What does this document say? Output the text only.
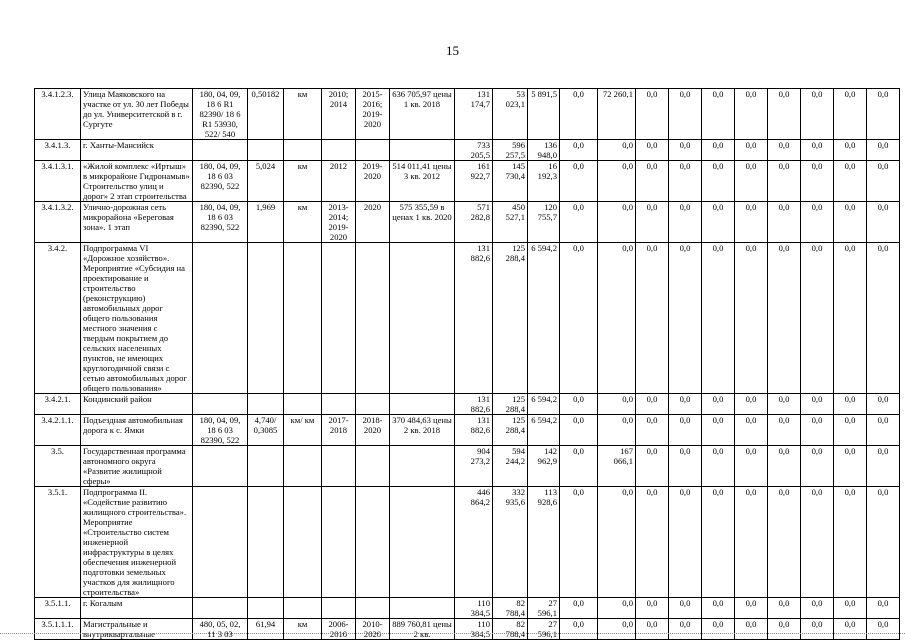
15
3.4.1.2.3.	Улица Маяковского на участке от ул. 30 лет Победы до ул. Университетской в г. Сургуте	180, 04, 09, 18 6 R1 82390/ 18 6 R1 53930, 522/ 540	0,50182	км	2010; 2014	2015-2016; 2019-2020	636 705,97 цены 1 кв. 2018	131 174,7	53 023,1	5 891,5	0,0	72 260,1	0,0	0,0	0,0	0,0	0,0	0,0	0,0	0,0
3.4.1.3.	г. Ханты-Мансийск							733 205,5	596 257,5	136 948,0	0,0	0,0	0,0	0,0	0,0	0,0	0,0	0,0	0,0	0,0
3.4.1.3.1.	«Жилой комплекс «Иртыш» в микрорайоне Гидронамыв» Строительство улиц и дорог» 2 этап строительства	180, 04, 09, 18 6 03 82390, 522	5,024	км	2012	2019-2020	514 011,41 цены 3 кв. 2012	161 922,7	145 730,4	16 192,3	0,0	0,0	0,0	0,0	0,0	0,0	0,0	0,0	0,0	0,0
3.4.1.3.2.	Улично-дорожная сеть микрорайона «Береговая зона». 1 этап	180, 04, 09, 18 6 03 82390, 522	1,969	км	2013-2014; 2019-2020	2020	575 355,59 в ценах 1 кв. 2020	571 282,8	450 527,1	120 755,7	0,0	0,0	0,0	0,0	0,0	0,0	0,0	0,0	0,0	0,0
3.4.2.	Подпрограмма VI «Дорожное хозяйство». Мероприятие «Субсидия на проектирование и строительство (реконструкцию) автомобильных дорог общего пользования местного значения с твердым покрытием до сельских населенных пунктов, не имеющих круглогодичной связи с сетью автомобильных дорог общего пользования»							131 882,6	125 288,4	6 594,2	0,0	0,0	0,0	0,0	0,0	0,0	0,0	0,0	0,0	0,0
3.4.2.1.	Кондинский район							131 882,6	125 288,4	6 594,2	0,0	0,0	0,0	0,0	0,0	0,0	0,0	0,0	0,0	0,0
3.4.2.1.1.	Подъездная автомобильная дорога к с. Ямки	180, 04, 09, 18 6 03 82390, 522	4,740/ 0,3085	км/ км	2017-2018	2018-2020	370 484,63 цены 2 кв. 2018	131 882,6	125 288,4	6 594,2	0,0	0,0	0,0	0,0	0,0	0,0	0,0	0,0	0,0	0,0
3.5.	Государственная программа автономного округа «Развитие жилищной сферы»							904 273,2	594 244,2	142 962,9	0,0	167 066,1	0,0	0,0	0,0	0,0	0,0	0,0	0,0	0,0
3.5.1.	Подпрограмма II. «Содействие развитию жилищного строительства». Мероприятие «Строительство систем инженерной инфраструктуры в целях обеспечения инженерной подготовки земельных участков для жилищного строительства»							446 864,2	332 935,6	113 928,6	0,0	0,0	0,0	0,0	0,0	0,0	0,0	0,0	0,0	0,0
3.5.1.1.	г. Когалым							110 384,5	82 788,4	27 596,1	0,0	0,0	0,0	0,0	0,0	0,0	0,0	0,0	0,0	0,0
3.5.1.1.1.	Магистральные и внутриквартальные	480, 05, 02, 11 3 03	61,94	км	2006-2010	2010-2020	889 760,81 цены 2 кв.	110 384,5	82 788,4	27 596,1	0,0	0,0	0,0	0,0	0,0	0,0	0,0	0,0	0,0	0,0
